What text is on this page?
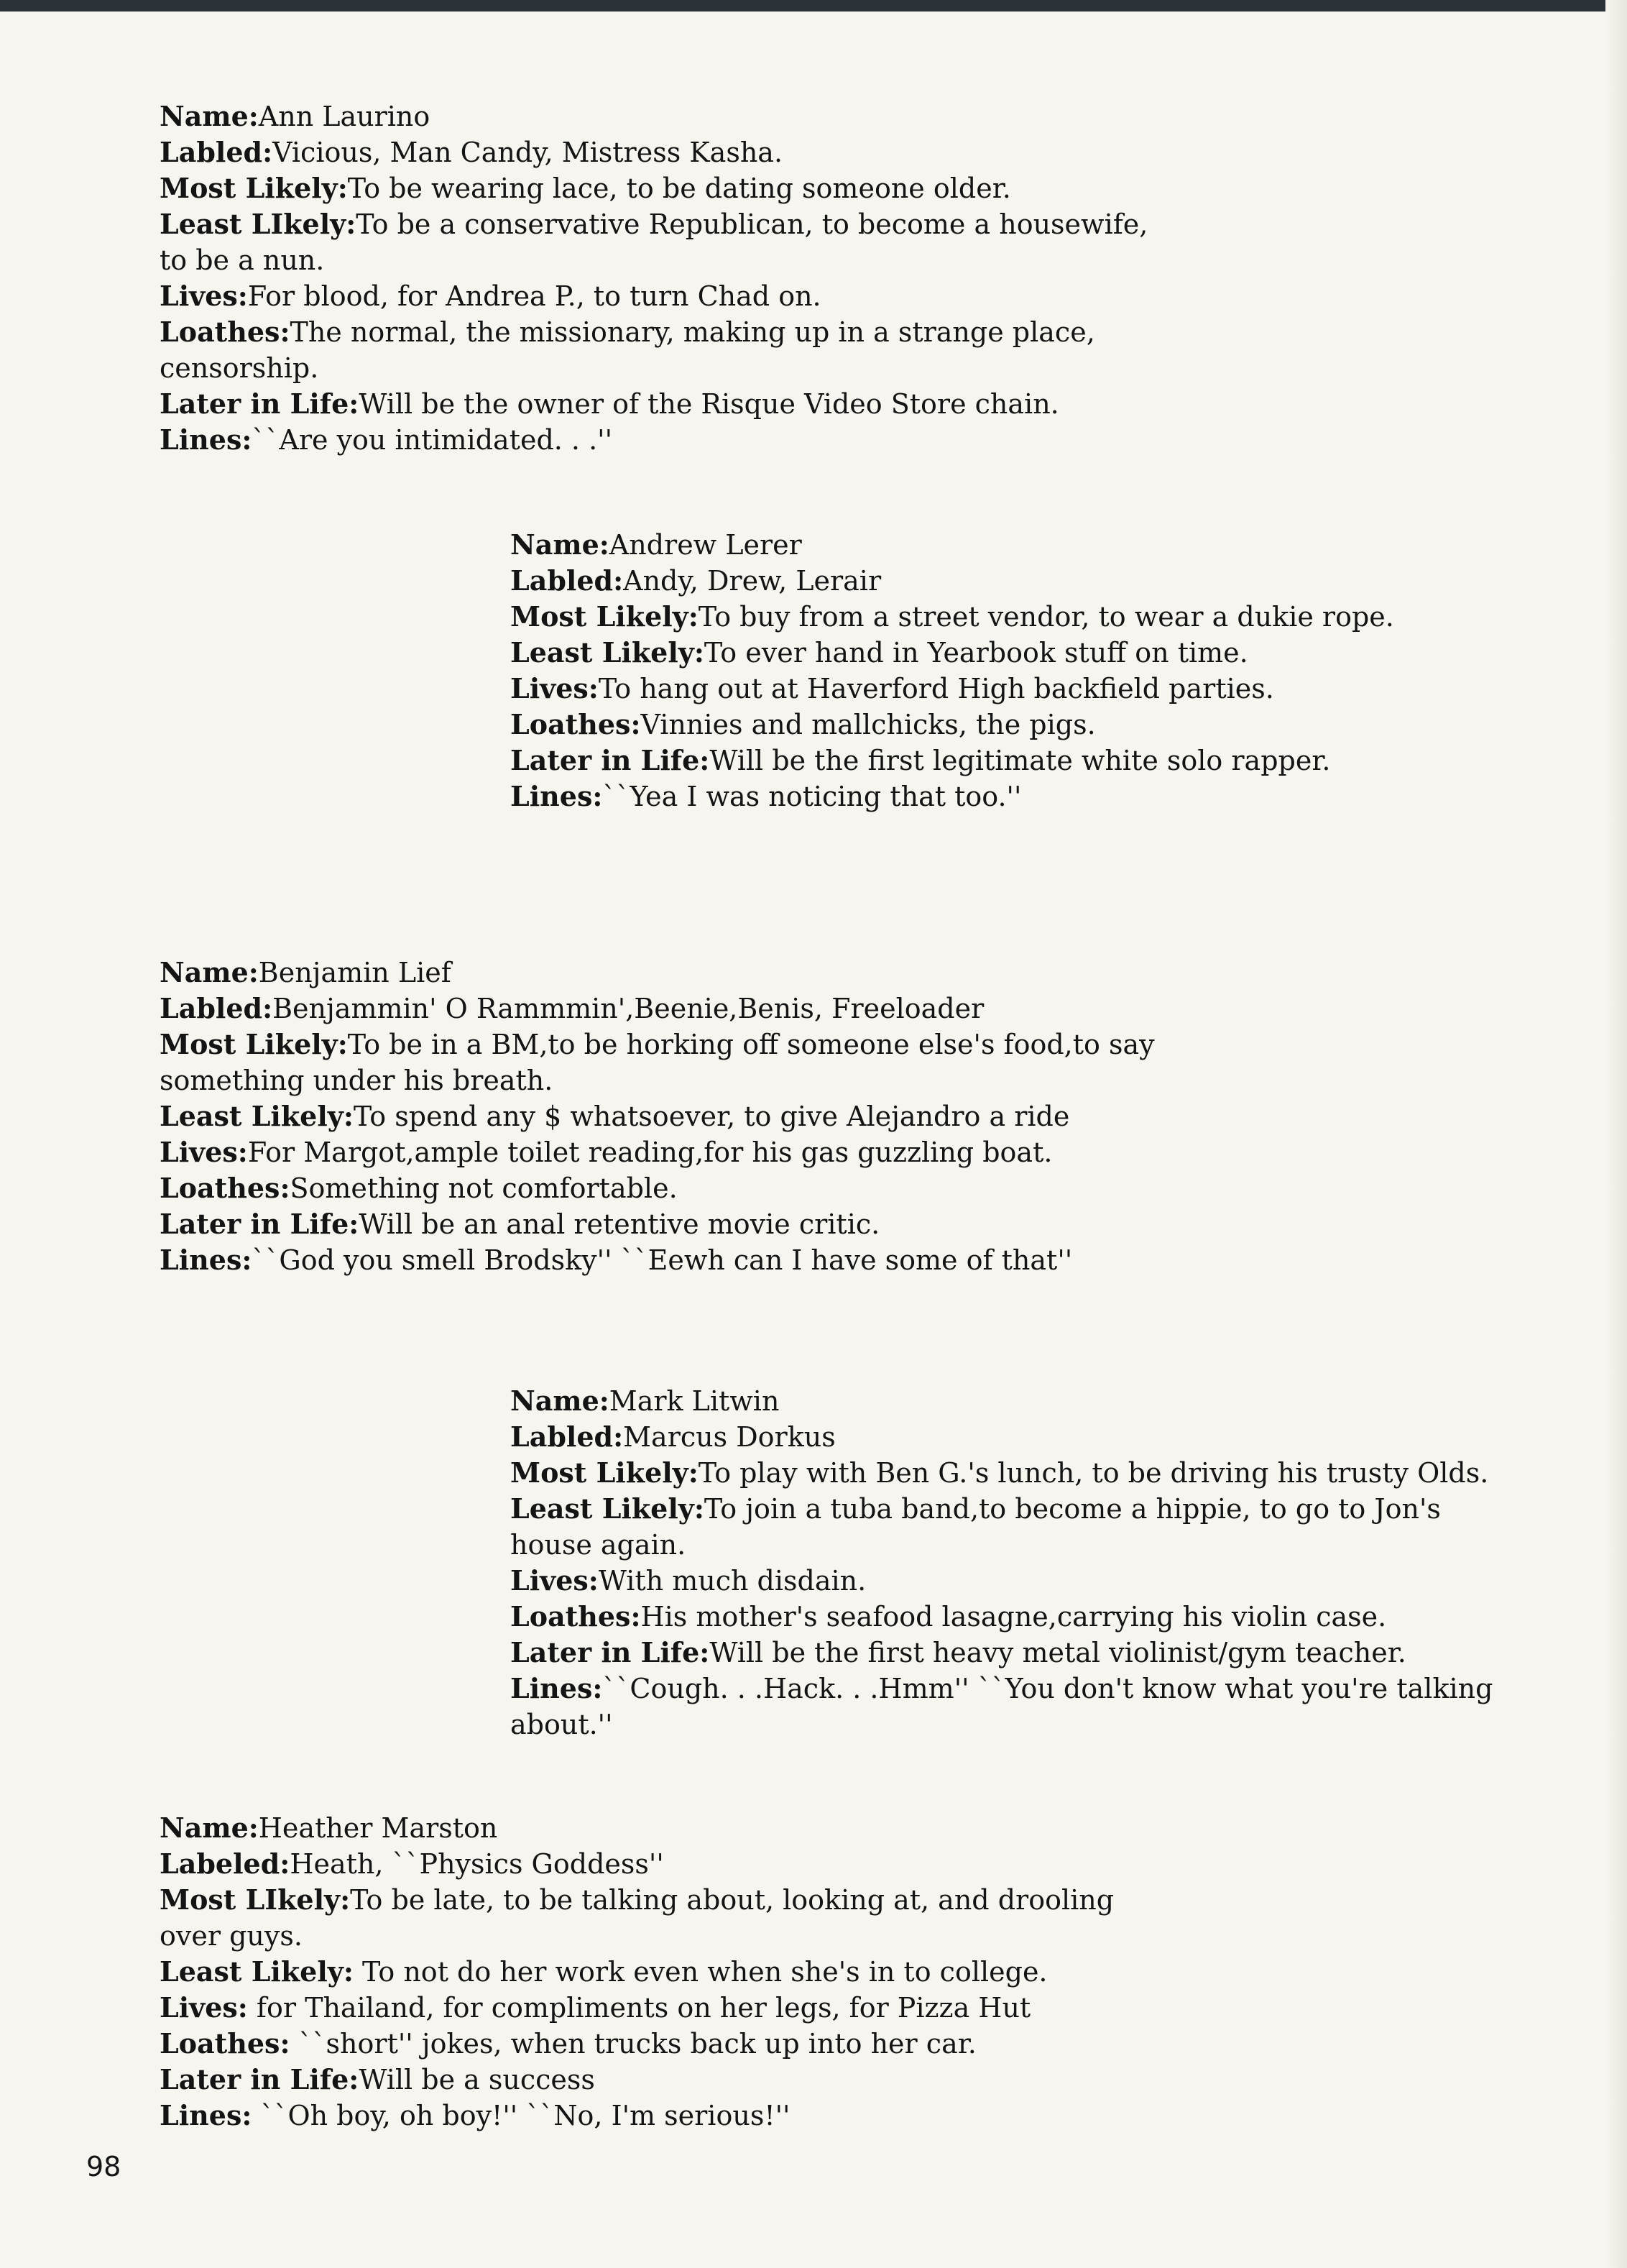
Name:Ann Laurino

Labled:Vicious, Man Candy, Mistress Kasha.

Most Likely:To be wearing lace, to be dating someone older.

Least LIkely:To be a conservative Republican, to become a housewife,

to be a nun.

Lives:For blood, for Andrea P., to turn Chad on.

Loathes:The normal, the missionary, making up in a strange place,

censorship.

Later in Life:Will be the owner of the Risque Video Store chain.

Lines:``Are you intimidated. . .''

Name:Andrew Lerer

Labled:Andy, Drew, Lerair

Most Likely:To buy from a street vendor, to wear a dukie rope.

Least Likely:To ever hand in Yearbook stuff on time.

Lives:To hang out at Haverford High backfield parties.

Loathes:Vinnies and mallchicks, the pigs.

Later in Life:Will be the first legitimate white solo rapper.

Lines:``Yea I was noticing that too.''

Name:Benjamin Lief

Labled:Benjammin' O Rammmin',Beenie,Benis, Freeloader

Most Likely:To be in a BM,to be horking off someone else's food,to say

something under his breath.

Least Likely:To spend any $ whatsoever, to give Alejandro a ride

Lives:For Margot,ample toilet reading,for his gas guzzling boat.

Loathes:Something not comfortable.

Later in Life:Will be an anal retentive movie critic.

Lines:``God you smell Brodsky'' ``Eewh can I have some of that''

Name:Mark Litwin

Labled:Marcus Dorkus

Most Likely:To play with Ben G.'s lunch, to be driving his trusty Olds.

Least Likely:To join a tuba band,to become a hippie, to go to Jon's

house again.

Lives:With much disdain.

Loathes:His mother's seafood lasagne,carrying his violin case.

Later in Life:Will be the first heavy metal violinist/gym teacher.

Lines:``Cough. . .Hack. . .Hmm'' ``You don't know what you're talking

about.''

Name:Heather Marston

Labeled:Heath, ``Physics Goddess''

Most LIkely:To be late, to be talking about, looking at, and drooling

over guys.

Least Likely: To not do her work even when she's in to college.

Lives: for Thailand, for compliments on her legs, for Pizza Hut

Loathes: ``short'' jokes, when trucks back up into her car.

Later in Life:Will be a success

Lines: ``Oh boy, oh boy!'' ``No, I'm serious!''

98
